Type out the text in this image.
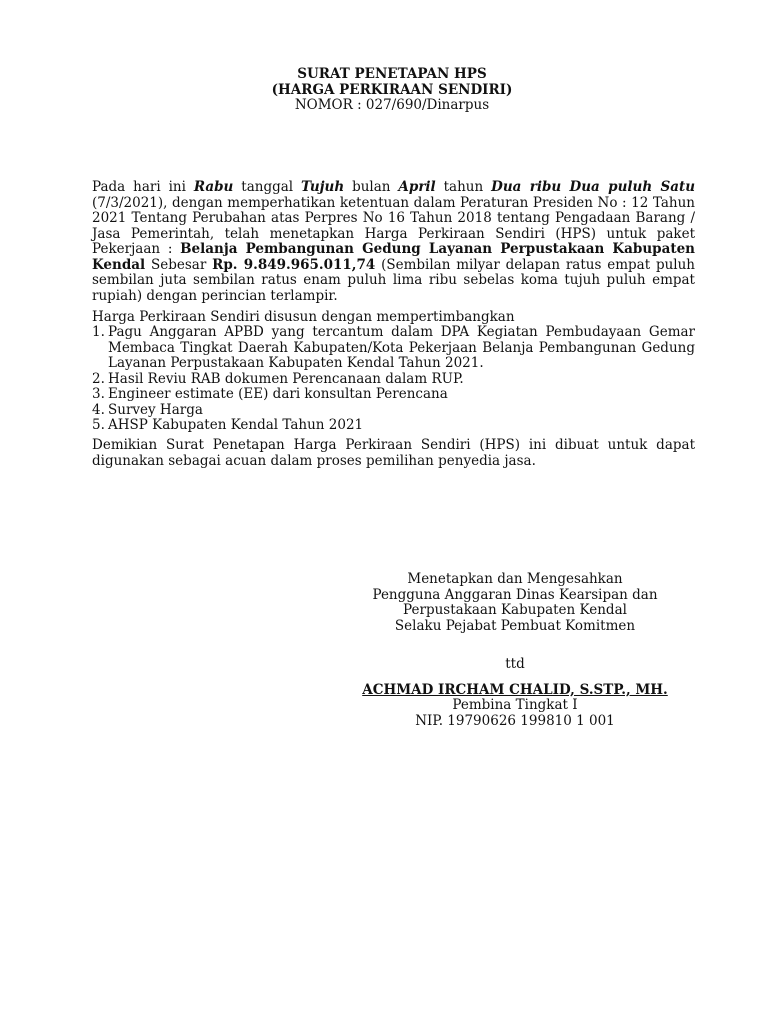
SURAT PENETAPAN HPS
(HARGA PERKIRAAN SENDIRI)
NOMOR : 027/690/Dinarpus
Pada hari ini Rabu tanggal Tujuh bulan April tahun Dua ribu Dua puluh Satu (7/3/2021), dengan memperhatikan ketentuan dalam Peraturan Presiden No : 12 Tahun 2021 Tentang Perubahan atas Perpres No 16 Tahun 2018 tentang Pengadaan Barang / Jasa Pemerintah, telah menetapkan Harga Perkiraan Sendiri (HPS) untuk paket Pekerjaan : Belanja Pembangunan Gedung Layanan Perpustakaan Kabupaten Kendal Sebesar Rp. 9.849.965.011,74 (Sembilan milyar delapan ratus empat puluh sembilan juta sembilan ratus enam puluh lima ribu sebelas koma tujuh puluh empat rupiah) dengan perincian terlampir.
Harga Perkiraan Sendiri disusun dengan mempertimbangkan
1. Pagu Anggaran APBD yang tercantum dalam DPA Kegiatan Pembudayaan Gemar Membaca Tingkat Daerah Kabupaten/Kota Pekerjaan Belanja Pembangunan Gedung Layanan Perpustakaan Kabupaten Kendal Tahun 2021.
2. Hasil Reviu RAB dokumen Perencanaan dalam RUP.
3. Engineer estimate (EE) dari konsultan Perencana
4. Survey Harga
5. AHSP Kabupaten Kendal Tahun 2021
Demikian Surat Penetapan Harga Perkiraan Sendiri (HPS) ini dibuat untuk dapat digunakan sebagai acuan dalam proses pemilihan penyedia jasa.
Menetapkan dan Mengesahkan
Pengguna Anggaran Dinas Kearsipan dan
Perpustakaan Kabupaten Kendal
Selaku Pejabat Pembuat Komitmen
ttd
ACHMAD IRCHAM CHALID, S.STP., MH.
Pembina Tingkat I
NIP. 19790626 199810 1 001
